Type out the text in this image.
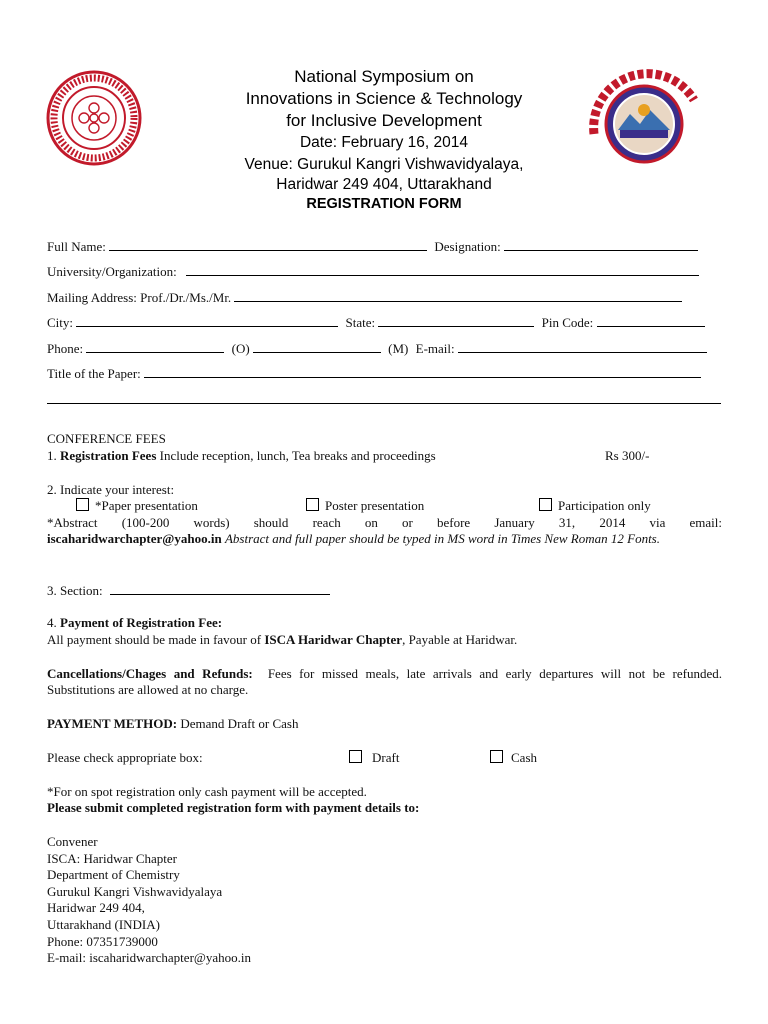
National Symposium on
Innovations in Science & Technology
for Inclusive Development
Date: February 16, 2014
Venue: Gurukul Kangri Vishwavidyalaya,
Haridwar 249 404, Uttarakhand
REGISTRATION FORM
Full Name:	Designation:
University/Organization:
Mailing Address: Prof./Dr./Ms./Mr.
City:	State:	Pin Code:
Phone:	(O)	(M) E-mail:
Title of the Paper:
CONFERENCE FEES
1. Registration Fees Include reception, lunch, Tea breaks and proceedings	Rs 300/-
2. Indicate your interest:
*Paper presentation	Poster presentation	Participation only
*Abstract (100-200 words) should reach on or before January 31, 2014 via email:
iscaharidwarchapter@yahoo.in Abstract and full paper should be typed in MS word in Times New Roman 12 Fonts.
3. Section:
4. Payment of Registration Fee:
All payment should be made in favour of ISCA Haridwar Chapter, Payable at Haridwar.
Cancellations/Chages and Refunds: Fees for missed meals, late arrivals and early departures will not be refunded. Substitutions are allowed at no charge.
PAYMENT METHOD: Demand Draft or Cash
Please check appropriate box:	Draft	Cash
*For on spot registration only cash payment will be accepted.
Please submit completed registration form with payment details to:
Convener
ISCA: Haridwar Chapter
Department of Chemistry
Gurukul Kangri Vishwavidyalaya
Haridwar 249 404,
Uttarakhand (INDIA)
Phone: 07351739000
E-mail: iscaharidwarchapter@yahoo.in
